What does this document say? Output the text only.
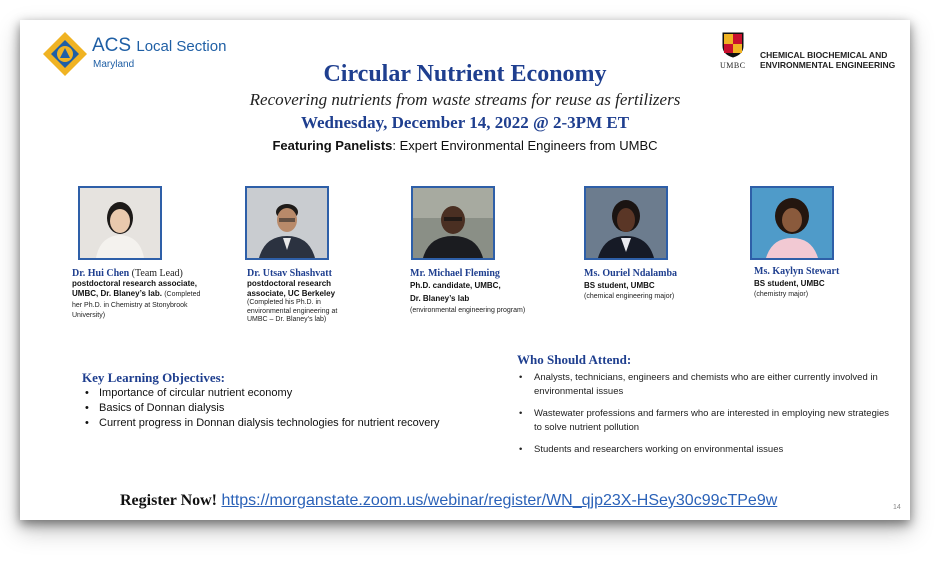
ACS Local Section
Maryland	UMBC
CHEMICAL BIOCHEMICAL AND ENVIRONMENTAL ENGINEERING
Circular Nutrient Economy
Recovering nutrients from waste streams for reuse as fertilizers
Wednesday, December 14, 2022 @ 2-3PM ET
Featuring Panelists: Expert Environmental Engineers from UMBC
Dr. Hui Chen (Team Lead)
postdoctoral research associate, UMBC, Dr. Blaney’s lab. (Completed her Ph.D. in Chemistry at Stonybrook University)
Dr. Utsav Shashvatt
postdoctoral research associate, UC Berkeley
(Completed his Ph.D. in environmental engineering at UMBC – Dr. Blaney’s lab)
Mr. Michael Fleming
Ph.D. candidate, UMBC, Dr. Blaney’s lab
(environmental engineering program)
Ms. Ouriel Ndalamba
BS student, UMBC
(chemical engineering major)
Ms. Kaylyn Stewart
BS student, UMBC
(chemistry major)
Key Learning Objectives:
• Importance of circular nutrient economy
• Basics of Donnan dialysis
• Current progress in Donnan dialysis technologies for nutrient recovery
Who Should Attend:
• Analysts, technicians, engineers and chemists who are either currently involved in environmental issues
• Wastewater professions and farmers who are interested in employing new strategies to solve nutrient pollution
• Students and researchers working on environmental issues
Register Now! https://morganstate.zoom.us/webinar/register/WN_qjp23X-HSey30c99cTPe9w	14
